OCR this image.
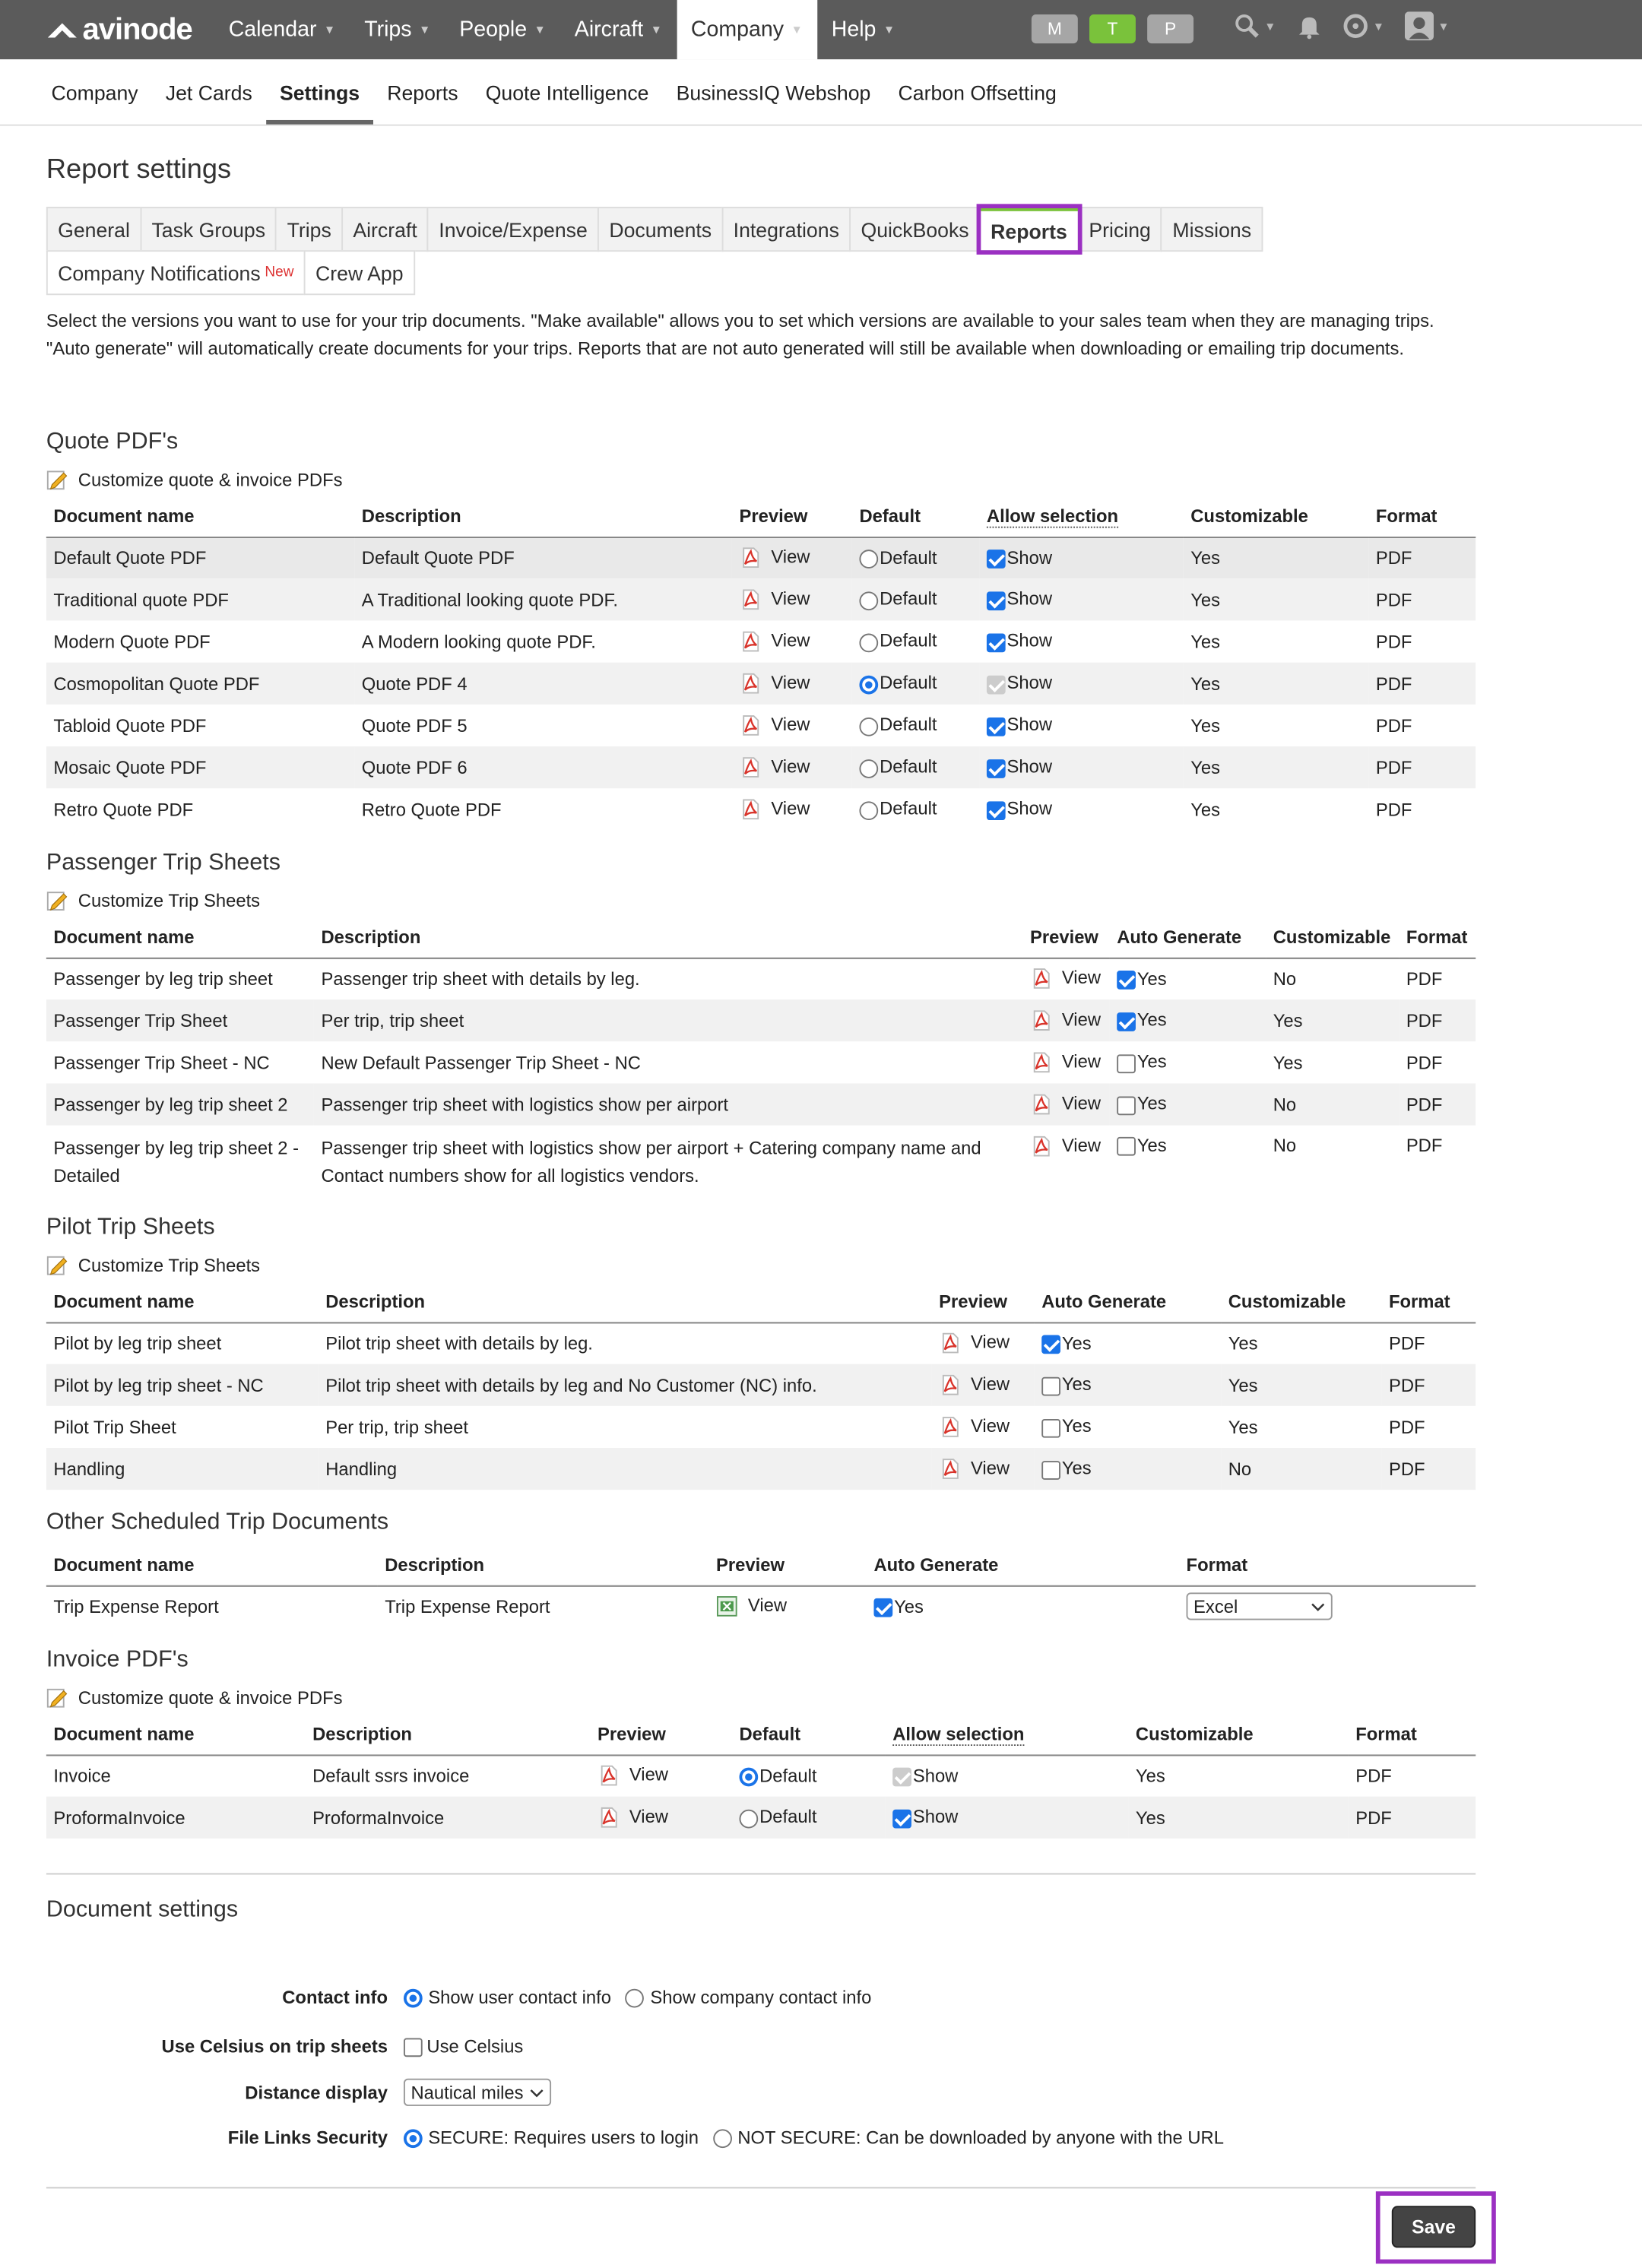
avinode	Calendar ▼	Trips ▼	People ▼	Aircraft ▼	Company ▼	Help ▼	M	T	P	▼	▼	▼
Company	Jet Cards	Settings	Reports	Quote Intelligence	BusinessIQ Webshop	Carbon Offsetting
Report settings
General	Task Groups	Trips	Aircraft	Invoice/Expense	Documents	Integrations	QuickBooks	Reports	Pricing	Missions
Company Notifications New	Crew App

Select the versions you want to use for your trip documents. "Make available" allows you to set which versions are available to your sales team when they are managing trips. "Auto generate" will automatically create documents for your trips. Reports that are not auto generated will still be available when downloading or emailing trip documents.

Quote PDF's
Customize quote & invoice PDFs
Document name	Description	Preview	Default	Allow selection	Customizable	Format
Default Quote PDF	Default Quote PDF	View	Default	Show	Yes	PDF
Traditional quote PDF	A Traditional looking quote PDF.	View	Default	Show	Yes	PDF
Modern Quote PDF	A Modern looking quote PDF.	View	Default	Show	Yes	PDF
Cosmopolitan Quote PDF	Quote PDF 4	View	Default	Show	Yes	PDF
Tabloid Quote PDF	Quote PDF 5	View	Default	Show	Yes	PDF
Mosaic Quote PDF	Quote PDF 6	View	Default	Show	Yes	PDF
Retro Quote PDF	Retro Quote PDF	View	Default	Show	Yes	PDF
Passenger Trip Sheets
Customize Trip Sheets
Document name	Description	Preview	Auto Generate	Customizable	Format
Passenger by leg trip sheet	Passenger trip sheet with details by leg.	View	Yes	No	PDF
Passenger Trip Sheet	Per trip, trip sheet	View	Yes	Yes	PDF
Passenger Trip Sheet - NC	New Default Passenger Trip Sheet - NC	View	Yes	Yes	PDF
Passenger by leg trip sheet 2	Passenger trip sheet with logistics show per airport	View	Yes	No	PDF
Passenger by leg trip sheet 2 - Detailed	Passenger trip sheet with logistics show per airport + Catering company name and Contact numbers show for all logistics vendors.	View	Yes	No	PDF
Pilot Trip Sheets
Customize Trip Sheets
Document name	Description	Preview	Auto Generate	Customizable	Format
Pilot by leg trip sheet	Pilot trip sheet with details by leg.	View	Yes	Yes	PDF
Pilot by leg trip sheet - NC	Pilot trip sheet with details by leg and No Customer (NC) info.	View	Yes	Yes	PDF
Pilot Trip Sheet	Per trip, trip sheet	View	Yes	Yes	PDF
Handling	Handling	View	Yes	No	PDF
Other Scheduled Trip Documents
Document name	Description	Preview	Auto Generate	Format
Trip Expense Report	Trip Expense Report	View	Yes	Excel
Invoice PDF's
Customize quote & invoice PDFs
Document name	Description	Preview	Default	Allow selection	Customizable	Format
Invoice	Default ssrs invoice	View	Default	Show	Yes	PDF
ProformaInvoice	ProformaInvoice	View	Default	Show	Yes	PDF
Document settings
Contact info	Show user contact info	Show company contact info
Use Celsius on trip sheets	Use Celsius
Distance display Nautical miles
File Links Security	SECURE: Requires users to login	NOT SECURE: Can be downloaded by anyone with the URL
Save
